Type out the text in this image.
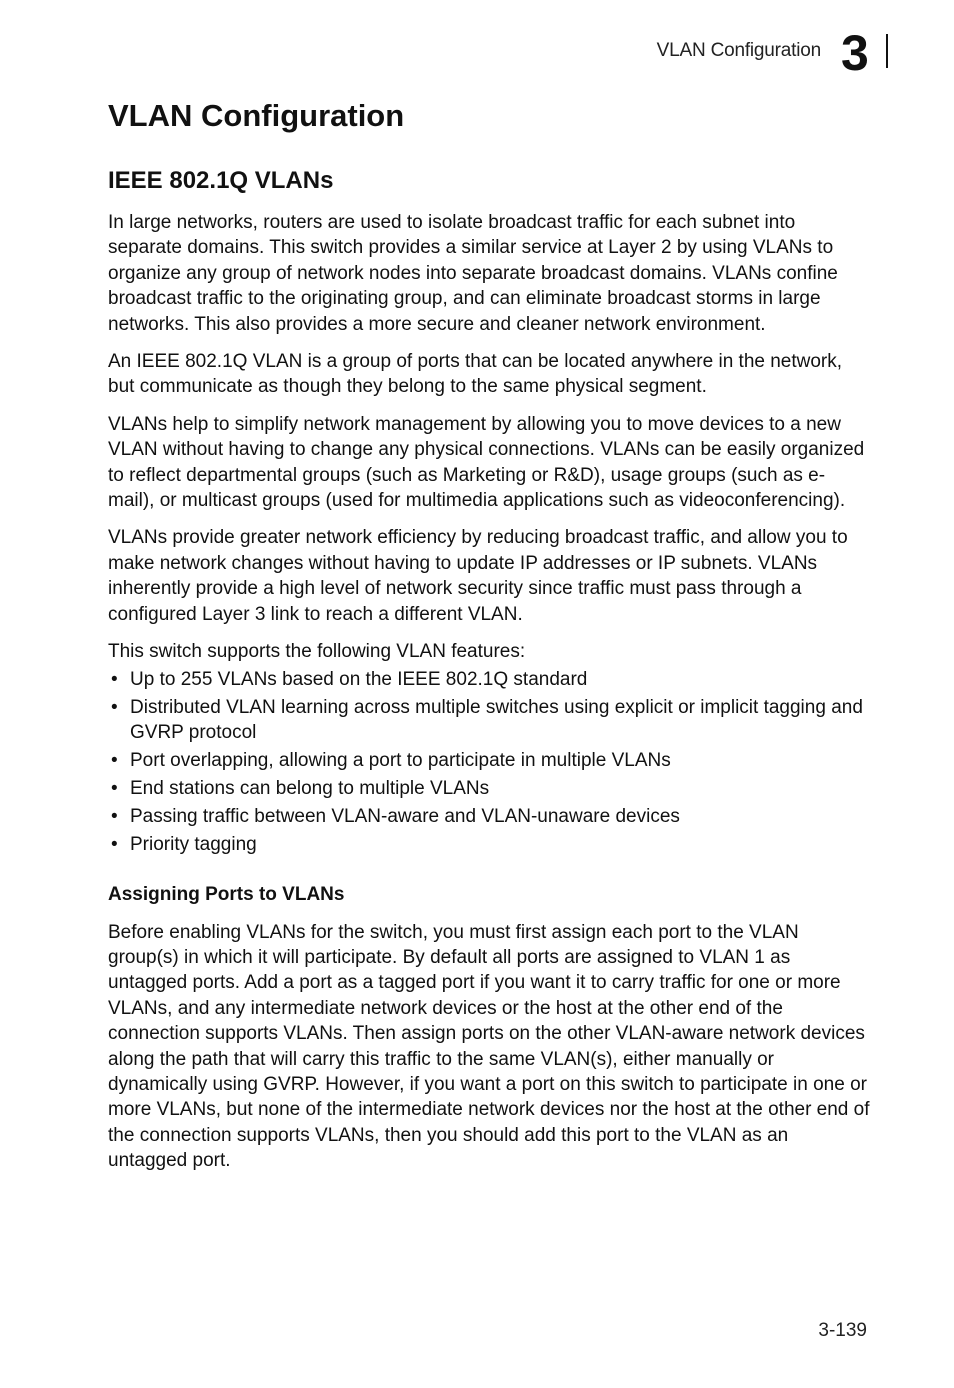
VLAN Configuration 3
VLAN Configuration
IEEE 802.1Q VLANs

In large networks, routers are used to isolate broadcast traffic for each subnet into separate domains. This switch provides a similar service at Layer 2 by using VLANs to organize any group of network nodes into separate broadcast domains. VLANs confine broadcast traffic to the originating group, and can eliminate broadcast storms in large networks. This also provides a more secure and cleaner network environment.

An IEEE 802.1Q VLAN is a group of ports that can be located anywhere in the network, but communicate as though they belong to the same physical segment.

VLANs help to simplify network management by allowing you to move devices to a new VLAN without having to change any physical connections. VLANs can be easily organized to reflect departmental groups (such as Marketing or R&D), usage groups (such as e-mail), or multicast groups (used for multimedia applications such as videoconferencing).

VLANs provide greater network efficiency by reducing broadcast traffic, and allow you to make network changes without having to update IP addresses or IP subnets. VLANs inherently provide a high level of network security since traffic must pass through a configured Layer 3 link to reach a different VLAN.

This switch supports the following VLAN features:

• Up to 255 VLANs based on the IEEE 802.1Q standard
• Distributed VLAN learning across multiple switches using explicit or implicit tagging and GVRP protocol
• Port overlapping, allowing a port to participate in multiple VLANs
• End stations can belong to multiple VLANs
• Passing traffic between VLAN-aware and VLAN-unaware devices
• Priority tagging
Assigning Ports to VLANs

Before enabling VLANs for the switch, you must first assign each port to the VLAN group(s) in which it will participate. By default all ports are assigned to VLAN 1 as untagged ports. Add a port as a tagged port if you want it to carry traffic for one or more VLANs, and any intermediate network devices or the host at the other end of the connection supports VLANs. Then assign ports on the other VLAN-aware network devices along the path that will carry this traffic to the same VLAN(s), either manually or dynamically using GVRP. However, if you want a port on this switch to participate in one or more VLANs, but none of the intermediate network devices nor the host at the other end of the connection supports VLANs, then you should add this port to the VLAN as an untagged port.

3-139
